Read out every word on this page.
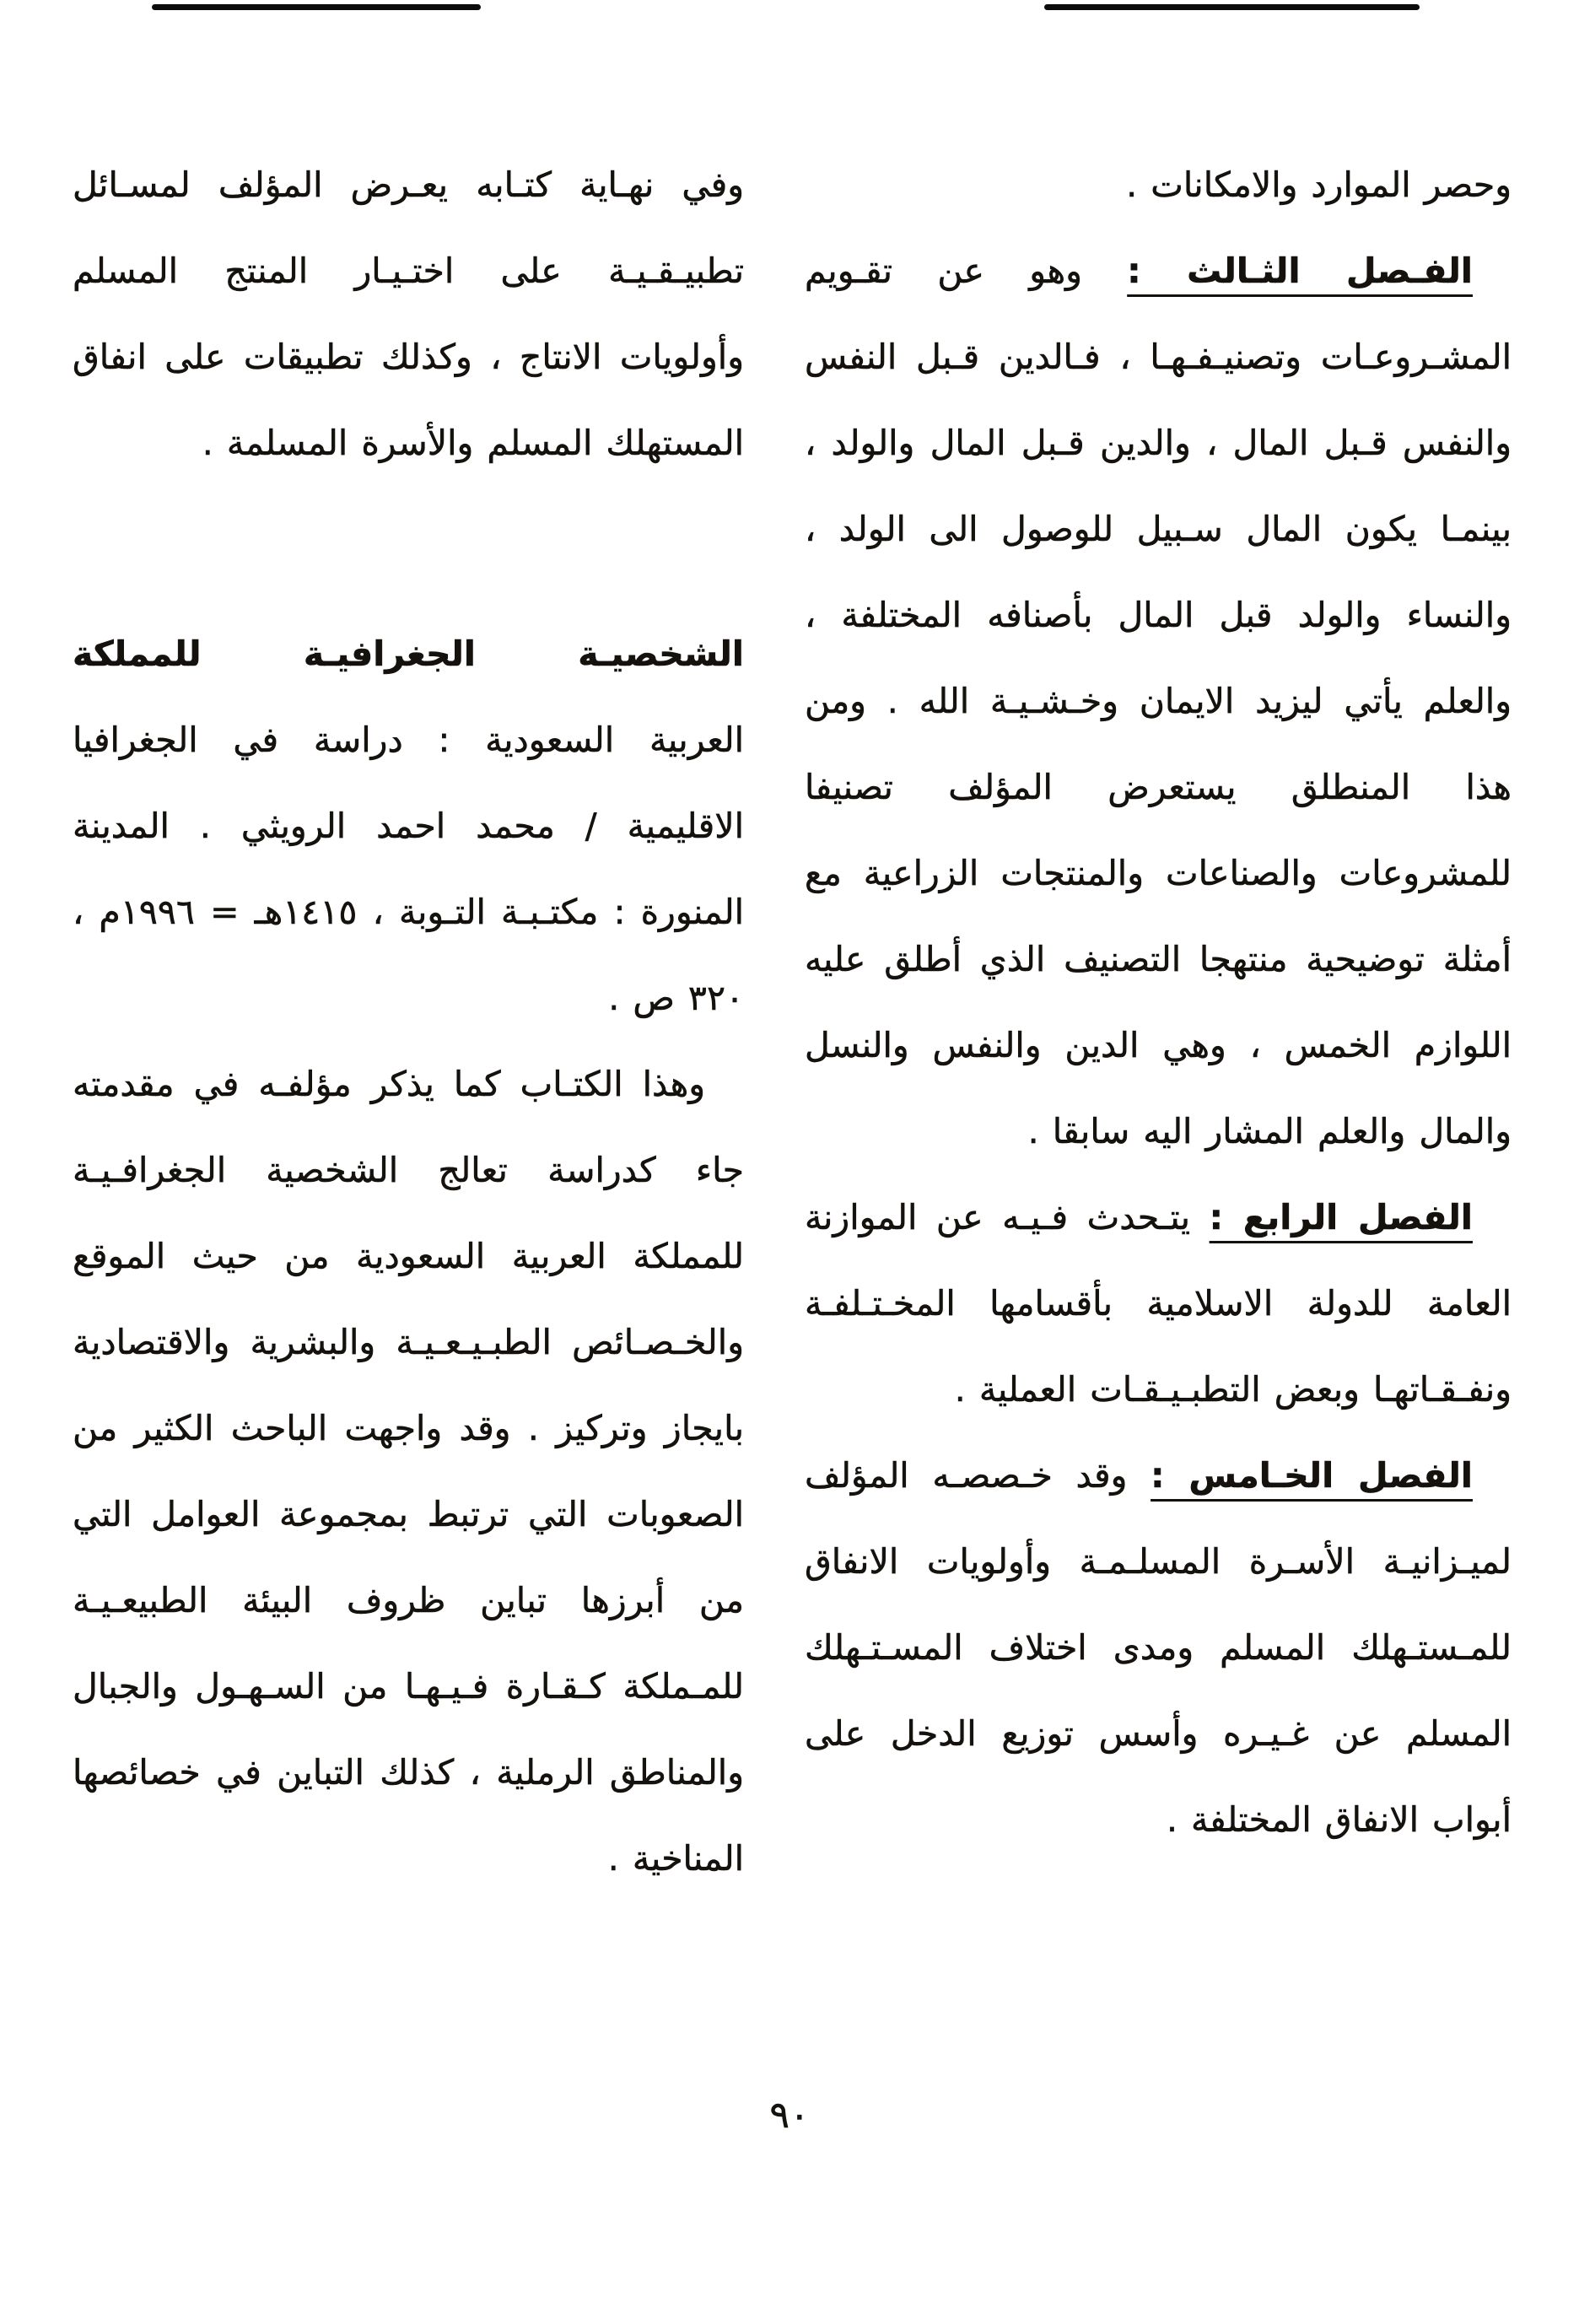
وحصر الموارد والامكانات .

الفـصل الثـالث : وهو عن تقـويم المشـروعـات وتصنيـفـهـا ، فـالدين قـبل النفس والنفس قـبل المال ، والدين قـبل المال والولد ، بينمـا يكون المال سـبيل للوصول الى الولد ، والنساء والولد قبل المال بأصنافه المختلفة ، والعلم يأتي ليزيد الايمان وخـشـيـة الله . ومن هذا المنطلق يستعرض المؤلف تصنيفا للمشروعات والصناعات والمنتجات الزراعية مع أمثلة توضيحية منتهجا التصنيف الذي أطلق عليه اللوازم الخمس ، وهي الدين والنفس والنسل والمال والعلم المشار اليه سابقا .

الفصل الرابع : يتـحدث فـيـه عن الموازنة العامة للدولة الاسلامية بأقسامها المخـتـلفـة ونفـقـاتهـا وبعض التطبـيـقـات العملية .

الفصل الخـامس : وقد خـصصـه المؤلف لميـزانيـة الأسـرة المسلـمـة وأولويات الانفاق للمـستـهلك المسلم ومدى اختلاف المسـتـهلك المسلم عن غـيـره وأسس توزيع الدخل على أبواب الانفاق المختلفة .

وفي نهـاية كتـابه يعـرض المؤلف لمسـائل تطبيـقـيـة على اختـيـار المنتج المسلم وأولويات الانتاج ، وكذلك تطبيقات على انفاق المستهلك المسلم والأسرة المسلمة .

الشخصيـة الجغرافيـة للمملكة
العربية السعودية : دراسة في الجغرافيا الاقليمية / محمد احمد الرويثي . المدينة المنورة : مكتـبـة التـوبة ، ١٤١٥هـ = ١٩٩٦م ، ٣٢٠ ص .

وهذا الكتـاب كما يذكر مؤلفـه في مقدمته جاء كدراسة تعالج الشخصية الجغرافـيـة للمملكة العربية السعودية من حيث الموقع والخـصـائص الطبـيـعـيـة والبشرية والاقتصادية بايجاز وتركيز . وقد واجهت الباحث الكثير من الصعوبات التي ترتبط بمجموعة العوامل التي من أبرزها تباين ظروف البيئة الطبيعـيـة للمـملكة كـقـارة فـيـهـا من السـهـول والجبال والمناطق الرملية ، كذلك التباين في خصائصها المناخية .

٩٠
